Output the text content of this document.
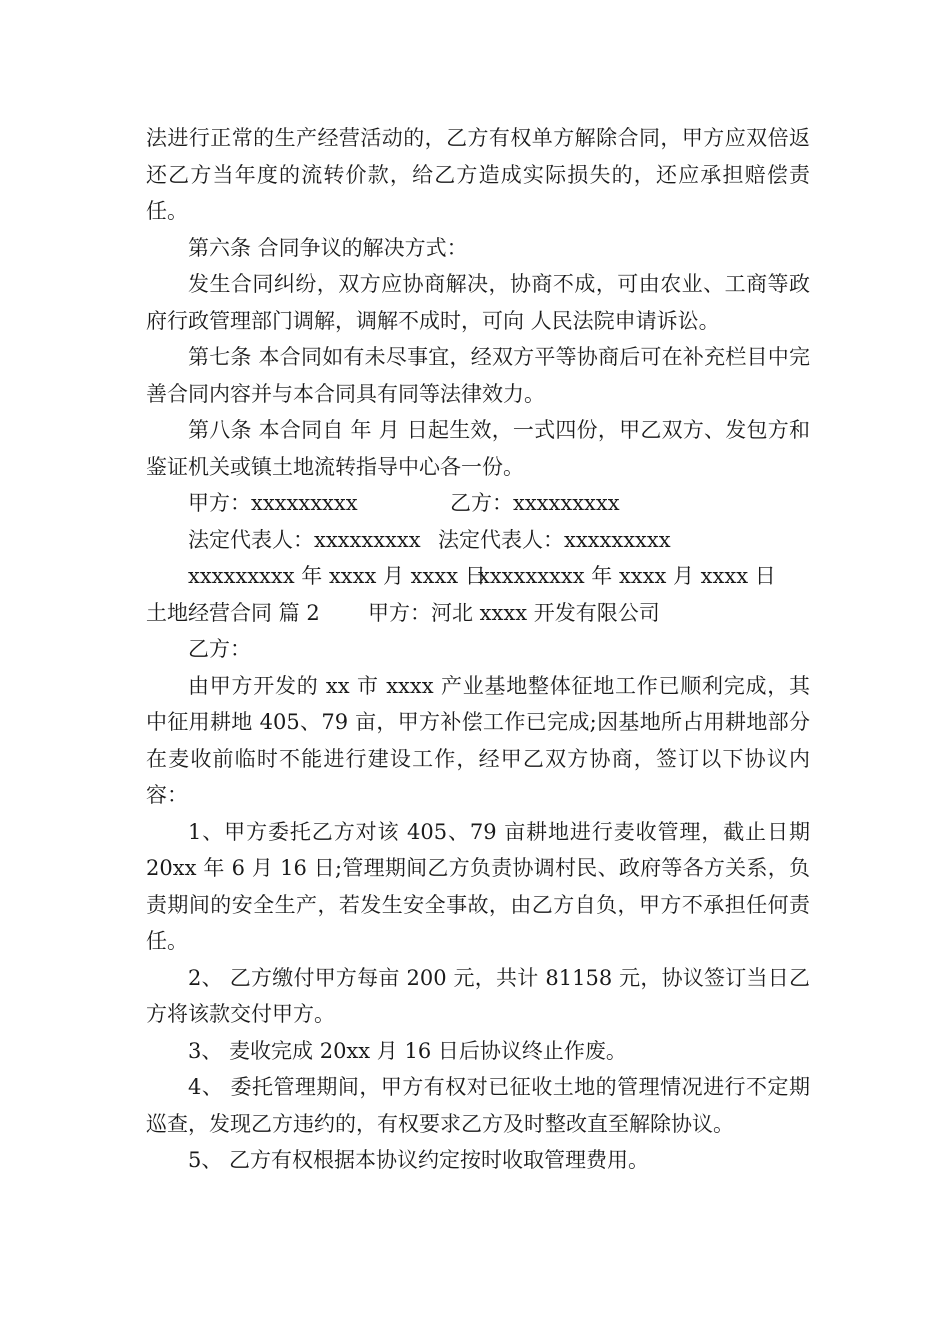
法进行正常的生产经营活动的，乙方有权单方解除合同，甲方应双倍返还乙方当年度的流转价款，给乙方造成实际损失的，还应承担赔偿责任。

第六条 合同争议的解决方式：

发生合同纠纷，双方应协商解决，协商不成，可由农业、工商等政府行政管理部门调解，调解不成时，可向 人民法院申请诉讼。

第七条 本合同如有未尽事宜，经双方平等协商后可在补充栏目中完善合同内容并与本合同具有同等法律效力。

第八条 本合同自 年 月 日起生效，一式四份，甲乙双方、发包方和鉴证机关或镇土地流转指导中心各一份。

甲方：xxxxxxxxx	乙方：xxxxxxxxx

法定代表人：xxxxxxxxx 法定代表人：xxxxxxxxx

xxxxxxxxx 年 xxxx 月 xxxx 日xxxxxxxxx 年 xxxx 月 xxxx 日

土地经营合同 篇 2 甲方：河北 xxxx 开发有限公司

乙方：

由甲方开发的 xx 市 xxxx 产业基地整体征地工作已顺利完成，其中征用耕地 405、79 亩，甲方补偿工作已完成;因基地所占用耕地部分在麦收前临时不能进行建设工作，经甲乙双方协商，签订以下协议内容：

1、甲方委托乙方对该 405、79 亩耕地进行麦收管理，截止日期 20xx 年 6 月 16 日;管理期间乙方负责协调村民、政府等各方关系，负责期间的安全生产，若发生安全事故，由乙方自负，甲方不承担任何责任。

2、 乙方缴付甲方每亩 200 元，共计 81158 元，协议签订当日乙方将该款交付甲方。

3、 麦收完成 20xx 月 16 日后协议终止作废。

4、 委托管理期间，甲方有权对已征收土地的管理情况进行不定期巡查，发现乙方违约的，有权要求乙方及时整改直至解除协议。

5、 乙方有权根据本协议约定按时收取管理费用。
